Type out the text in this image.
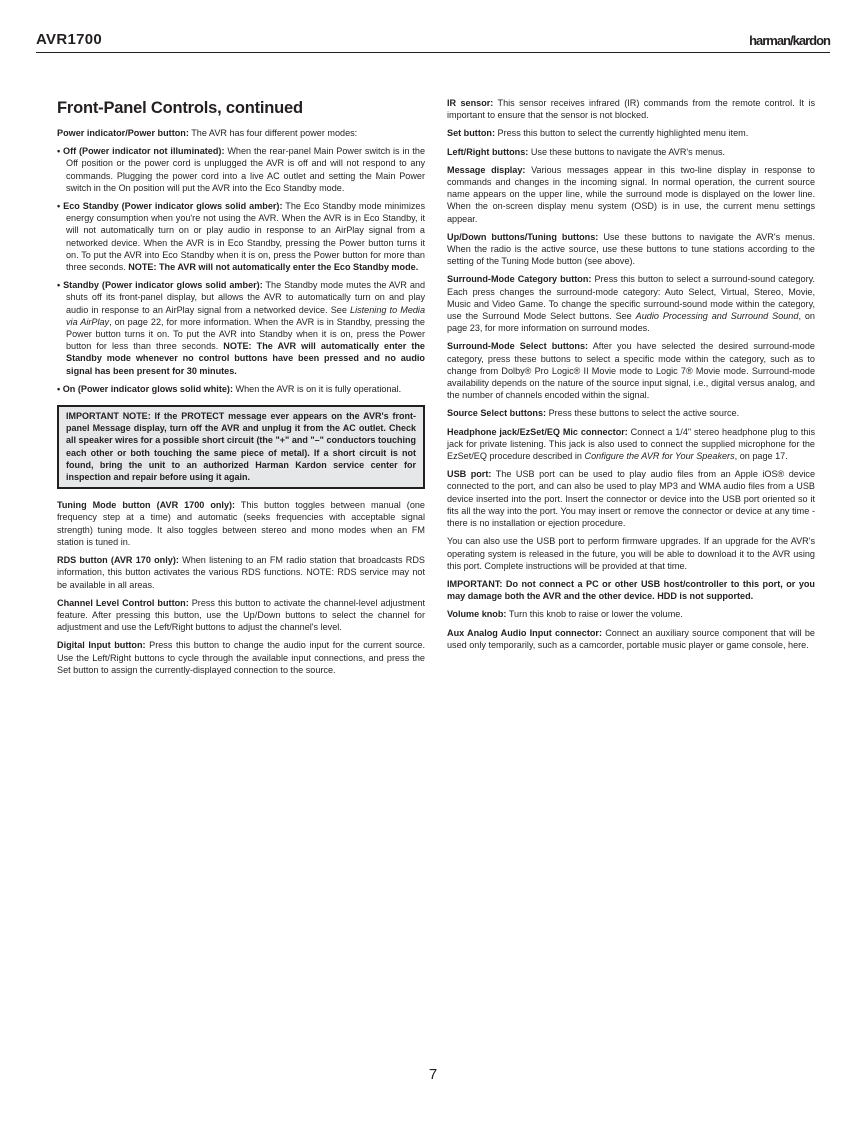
AVR1700	harman/kardon
Front-Panel Controls, continued

Power indicator/Power button: The AVR has four different power modes:

• Off (Power indicator not illuminated): When the rear-panel Main Power switch is in the Off position or the power cord is unplugged the AVR is off and will not respond to any commands. Plugging the power cord into a live AC outlet and setting the Main Power switch in the On position will put the AVR into the Eco Standby mode.

• Eco Standby (Power indicator glows solid amber): The Eco Standby mode minimizes energy consumption when you're not using the AVR. When the AVR is in Eco Standby, it will not automatically turn on or play audio in response to an AirPlay signal from a networked device. When the AVR is in Eco Standby, pressing the Power button turns it on. To put the AVR into Eco Standby when it is on, press the Power button for more than three seconds. NOTE: The AVR will not automatically enter the Eco Standby mode.

• Standby (Power indicator glows solid amber): The Standby mode mutes the AVR and shuts off its front-panel display, but allows the AVR to automatically turn on and play audio in response to an AirPlay signal from a networked device. See Listening to Media via AirPlay, on page 22, for more information. When the AVR is in Standby, pressing the Power button turns it on. To put the AVR into Standby when it is on, press the Power button for less than three seconds. NOTE: The AVR will automatically enter the Standby mode whenever no control buttons have been pressed and no audio signal has been present for 30 minutes.

• On (Power indicator glows solid white): When the AVR is on it is fully operational.

IMPORTANT NOTE: If the PROTECT message ever appears on the AVR's front-panel Message display, turn off the AVR and unplug it from the AC outlet. Check all speaker wires for a possible short circuit (the "+" and "–" conductors touching each other or both touching the same piece of metal). If a short circuit is not found, bring the unit to an authorized Harman Kardon service center for inspection and repair before using it again.

Tuning Mode button (AVR 1700 only): This button toggles between manual (one frequency step at a time) and automatic (seeks frequencies with acceptable signal strength) tuning mode. It also toggles between stereo and mono modes when an FM station is tuned in.

RDS button (AVR 170 only): When listening to an FM radio station that broadcasts RDS information, this button activates the various RDS functions. NOTE: RDS service may not be available in all areas.

Channel Level Control button: Press this button to activate the channel-level adjustment feature. After pressing this button, use the Up/Down buttons to select the channel for adjustment and use the Left/Right buttons to adjust the channel's level.

Digital Input button: Press this button to change the audio input for the current source. Use the Left/Right buttons to cycle through the available input connections, and press the Set button to assign the currently-displayed connection to the source.

IR sensor: This sensor receives infrared (IR) commands from the remote control. It is important to ensure that the sensor is not blocked.

Set button: Press this button to select the currently highlighted menu item.

Left/Right buttons: Use these buttons to navigate the AVR's menus.

Message display: Various messages appear in this two-line display in response to commands and changes in the incoming signal. In normal operation, the current source name appears on the upper line, while the surround mode is displayed on the lower line. When the on-screen display menu system (OSD) is in use, the current menu settings appear.

Up/Down buttons/Tuning buttons: Use these buttons to navigate the AVR's menus. When the radio is the active source, use these buttons to tune stations according to the setting of the Tuning Mode button (see above).

Surround-Mode Category button: Press this button to select a surround-sound category. Each press changes the surround-mode category: Auto Select, Virtual, Stereo, Movie, Music and Video Game. To change the specific surround-sound mode within the category, use the Surround Mode Select buttons. See Audio Processing and Surround Sound, on page 23, for more information on surround modes.

Surround-Mode Select buttons: After you have selected the desired surround-mode category, press these buttons to select a specific mode within the category, such as to change from Dolby® Pro Logic® II Movie mode to Logic 7® Movie mode. Surround-mode availability depends on the nature of the source input signal, i.e., digital versus analog, and the number of channels encoded within the signal.

Source Select buttons: Press these buttons to select the active source.

Headphone jack/EzSet/EQ Mic connector: Connect a 1/4" stereo headphone plug to this jack for private listening. This jack is also used to connect the supplied microphone for the EzSet/EQ procedure described in Configure the AVR for Your Speakers, on page 17.

USB port: The USB port can be used to play audio files from an Apple iOS® device connected to the port, and can also be used to play MP3 and WMA audio files from a USB device inserted into the port. Insert the connector or device into the USB port oriented so it fits all the way into the port. You may insert or remove the connector or device at any time - there is no installation or ejection procedure.

You can also use the USB port to perform firmware upgrades. If an upgrade for the AVR's operating system is released in the future, you will be able to download it to the AVR using this port. Complete instructions will be provided at that time.

IMPORTANT: Do not connect a PC or other USB host/controller to this port, or you may damage both the AVR and the other device. HDD is not supported.

Volume knob: Turn this knob to raise or lower the volume.

Aux Analog Audio Input connector: Connect an auxiliary source component that will be used only temporarily, such as a camcorder, portable music player or game console, here.

7
